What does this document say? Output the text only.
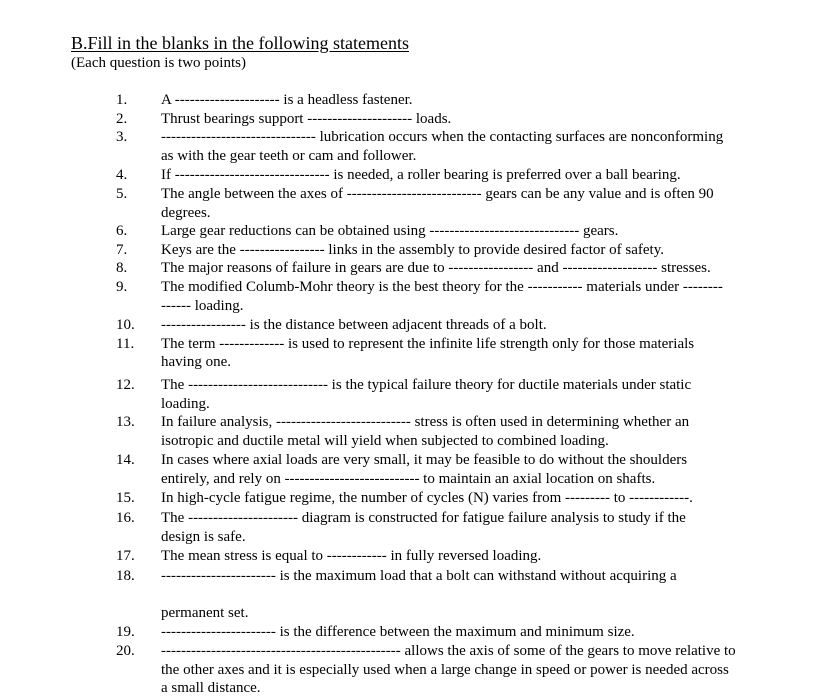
B.Fill in the blanks in the following statements
(Each question is two points)
1.	A --------------------- is a headless fastener.
2.	Thrust bearings support --------------------- loads.
3.	------------------------------- lubrication occurs when the contacting surfaces are nonconforming
as with the gear teeth or cam and follower.
4.	If ------------------------------- is needed, a roller bearing is preferred over a ball bearing.
5.	The angle between the axes of --------------------------- gears can be any value and is often 90
degrees.
6.	Large gear reductions can be obtained using ------------------------------ gears.
7.	Keys are the ----------------- links in the assembly to provide desired factor of safety.
8.	The major reasons of failure in gears are due to ----------------- and ------------------- stresses.
9.	The modified Columb-Mohr theory is the best theory for the ----------- materials under --------
------ loading.
10. ----------------- is the distance between adjacent threads of a bolt.
11. The term ------------- is used to represent the infinite life strength only for those materials
having one.
12. The ---------------------------- is the typical failure theory for ductile materials under static
loading.
13. In failure analysis, --------------------------- stress is often used in determining whether an
isotropic and ductile metal will yield when subjected to combined loading.
14. In cases where axial loads are very small, it may be feasible to do without the shoulders
entirely, and rely on --------------------------- to maintain an axial location on shafts.
15. In high-cycle fatigue regime, the number of cycles (N) varies from --------- to ------------.
16. The ---------------------- diagram is constructed for fatigue failure analysis to study if the
design is safe.
17. The mean stress is equal to ------------ in fully reversed loading.
18. ----------------------- is the maximum load that a bolt can withstand without acquiring a

permanent set.
19. ----------------------- is the difference between the maximum and minimum size.
20. ------------------------------------------------ allows the axis of some of the gears to move relative to
the other axes and it is especially used when a large change in speed or power is needed across
a small distance.
